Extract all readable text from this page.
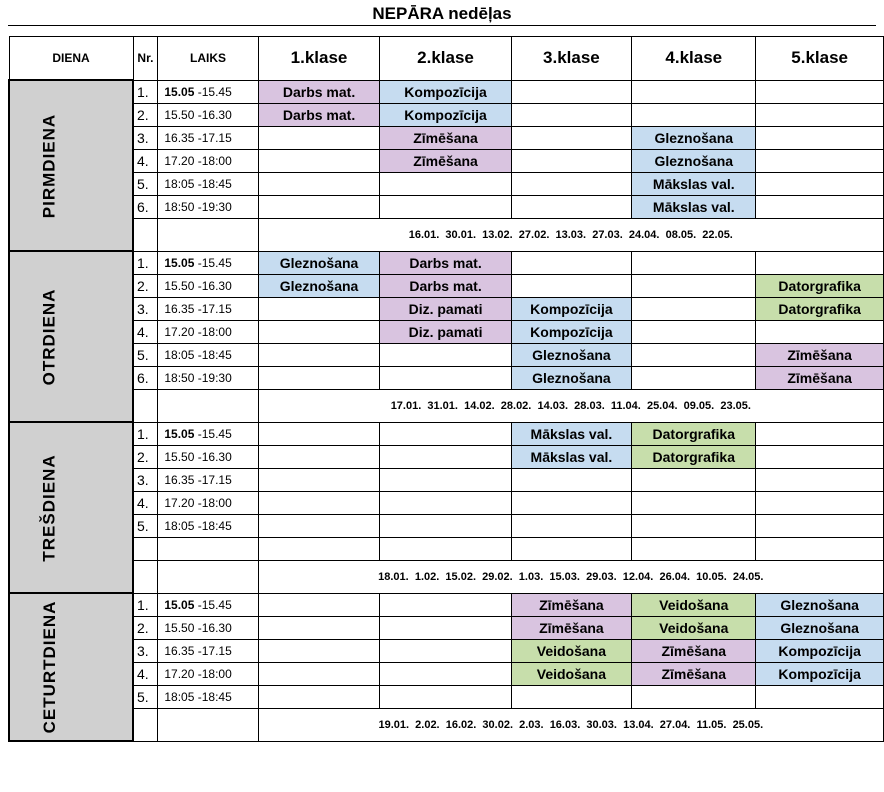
NEPĀRA nedēļas
DIENA	Nr.	LAIKS	1.klase	2.klase	3.klase	4.klase	5.klase

PIRMDIENA	1.	15.05 -15.45	Darbs mat.	Kompozīcija			
	2.	15.50 -16.30	Darbs mat.	Kompozīcija			
	3.	16.35 -17.15		Zīmēšana		Gleznošana	
	4.	17.20 -18:00		Zīmēšana		Gleznošana	
	5.	18:05 -18:45				Mākslas val.	
	6.	18:50 -19:30				Mākslas val.	
			16.01.  30.01.  13.02.  27.02.  13.03.  27.03.  24.04.  08.05.  22.05.				

OTRDIENA	1.	15.05 -15.45	Gleznošana	Darbs mat.			
	2.	15.50 -16.30	Gleznošana	Darbs mat.			Datorgrafika
	3.	16.35 -17.15		Diz. pamati	Kompozīcija		Datorgrafika
	4.	17.20 -18:00		Diz. pamati	Kompozīcija		
	5.	18:05 -18:45			Gleznošana		Zīmēšana
	6.	18:50 -19:30			Gleznošana		Zīmēšana
			17.01.  31.01.  14.02.  28.02.  14.03.  28.03.  11.04.  25.04.  09.05.  23.05.				

TREŠDIENA	1.	15.05 -15.45			Mākslas val.	Datorgrafika	
	2.	15.50 -16.30			Mākslas val.	Datorgrafika	
	3.	16.35 -17.15					
	4.	17.20 -18:00					
	5.	18:05 -18:45					

			18.01.  1.02.  15.02.  29.02.  1.03.  15.03.  29.03.  12.04.  26.04.  10.05.  24.05.				

CETURTDIENA	1.	15.05 -15.45			Zīmēšana	Veidošana	Gleznošana
	2.	15.50 -16.30			Zīmēšana	Veidošana	Gleznošana
	3.	16.35 -17.15			Veidošana	Zīmēšana	Kompozīcija
	4.	17.20 -18:00			Veidošana	Zīmēšana	Kompozīcija
	5.	18:05 -18:45					
			19.01.  2.02.  16.02.  30.02.  2.03.  16.03.  30.03.  13.04.  27.04.  11.05.  25.05.				
